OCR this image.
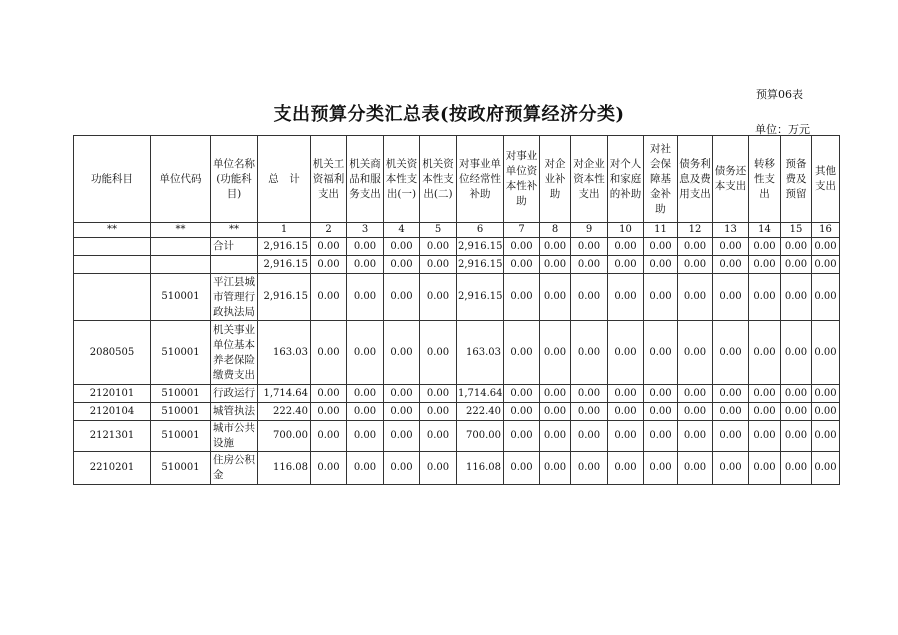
预算06表
支出预算分类汇总表(按政府预算经济分类)
单位：万元
功能科目	单位代码	单位名称(功能科目)	总　计	机关工资福利支出	机关商品和服务支出	机关资本性支出(一)	机关资本性支出(二)	对事业单位经常性补助	对事业单位资本性补助	对企业补助	对企业资本性支出	对个人和家庭的补助	对社会保障基金补助	债务利息及费用支出	债务还本支出	转移性支出	预备费及预留	其他支出
**	**	**	1	2	3	4	5	6	7	8	9	10	11	12	13	14	15	16
		合计	2,916.15	0.00	0.00	0.00	0.00	2,916.15	0.00	0.00	0.00	0.00	0.00	0.00	0.00	0.00	0.00	0.00
			2,916.15	0.00	0.00	0.00	0.00	2,916.15	0.00	0.00	0.00	0.00	0.00	0.00	0.00	0.00	0.00	0.00
	510001	平江县城市管理行政执法局	2,916.15	0.00	0.00	0.00	0.00	2,916.15	0.00	0.00	0.00	0.00	0.00	0.00	0.00	0.00	0.00	0.00
2080505	510001	机关事业单位基本养老保险缴费支出	163.03	0.00	0.00	0.00	0.00	163.03	0.00	0.00	0.00	0.00	0.00	0.00	0.00	0.00	0.00	0.00
2120101	510001	行政运行	1,714.64	0.00	0.00	0.00	0.00	1,714.64	0.00	0.00	0.00	0.00	0.00	0.00	0.00	0.00	0.00	0.00
2120104	510001	城管执法	222.40	0.00	0.00	0.00	0.00	222.40	0.00	0.00	0.00	0.00	0.00	0.00	0.00	0.00	0.00	0.00
2121301	510001	城市公共设施	700.00	0.00	0.00	0.00	0.00	700.00	0.00	0.00	0.00	0.00	0.00	0.00	0.00	0.00	0.00	0.00
2210201	510001	住房公积金	116.08	0.00	0.00	0.00	0.00	116.08	0.00	0.00	0.00	0.00	0.00	0.00	0.00	0.00	0.00	0.00
